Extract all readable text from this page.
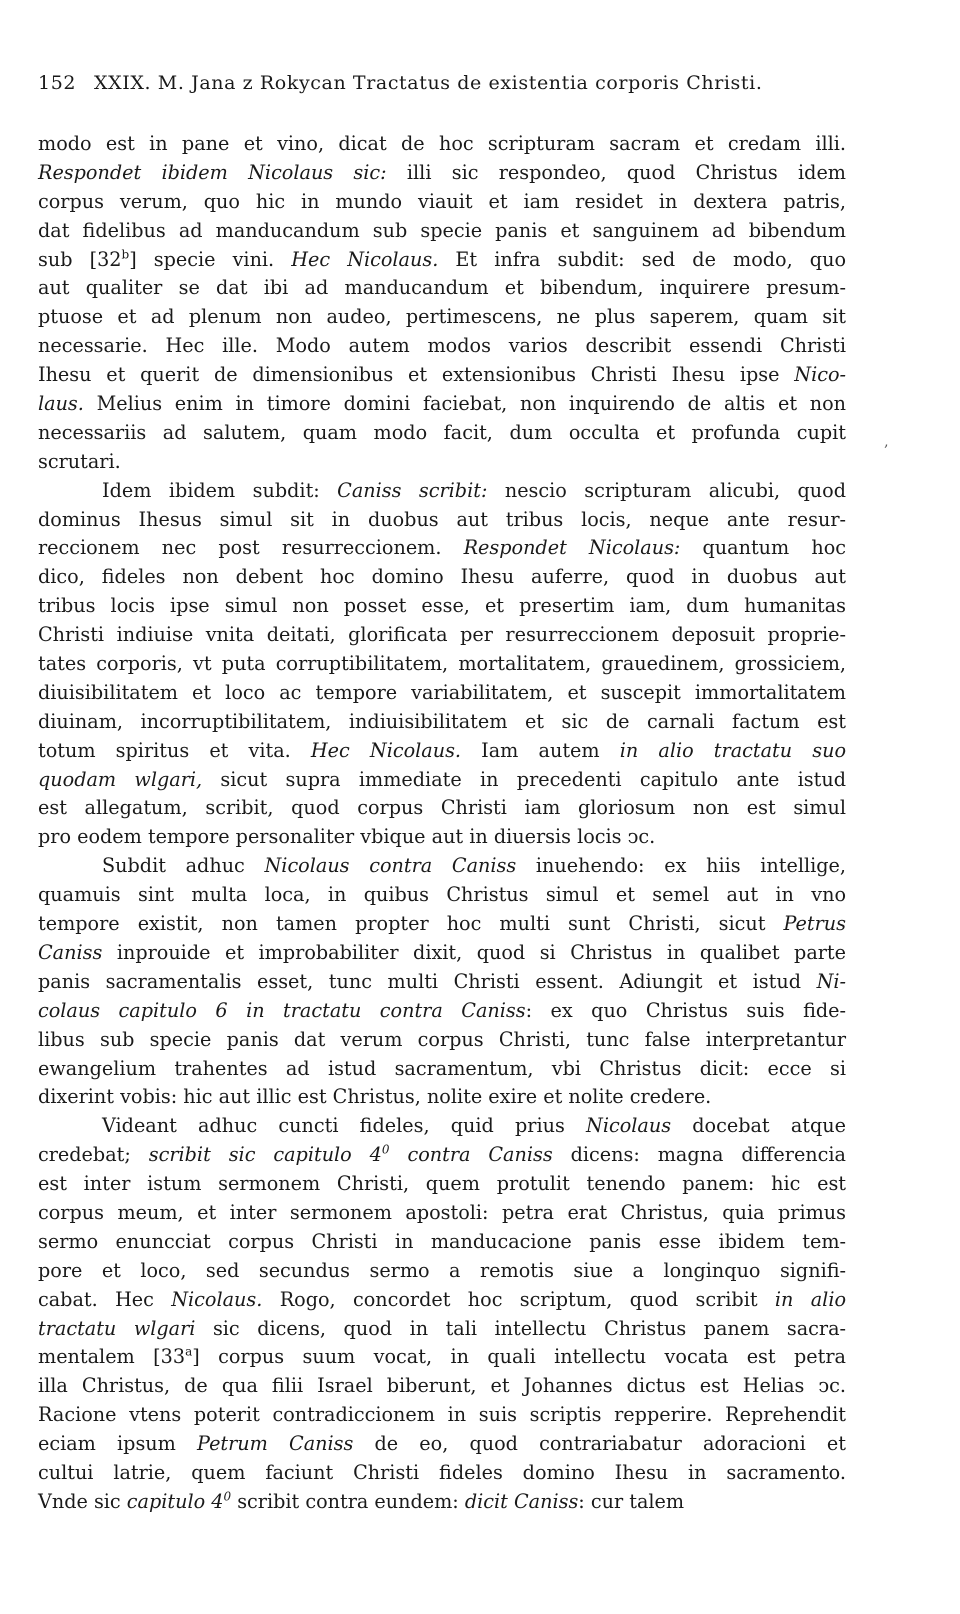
152 XXIX. M. Jana z Rokycan Tractatus de existentia corporis Christi.
modo est in pane et vino, dicat de hoc scripturam sacram et credam illi.
Respondet ibidem Nicolaus sic: illi sic respondeo, quod Christus idem
corpus verum, quo hic in mundo viauit et iam residet in dextera patris,
dat fidelibus ad manducandum sub specie panis et sanguinem ad bibendum
sub [32$^b$] specie vini. Hec Nicolaus. Et infra subdit: sed de modo, quo
aut qualiter se dat ibi ad manducandum et bibendum, inquirere presum-
ptuose et ad plenum non audeo, pertimescens, ne plus saperem, quam sit
necessarie. Hec ille. Modo autem modos varios describit essendi Christi
Ihesu et querit de dimensionibus et extensionibus Christi Ihesu ipse Nico-
laus. Melius enim in timore domini faciebat, non inquirendo de altis et non
necessariis ad salutem, quam modo facit, dum occulta et profunda cupit
scrutari.
Idem ibidem subdit: Caniss scribit: nescio scripturam alicubi, quod
dominus Ihesus simul sit in duobus aut tribus locis, neque ante resur-
reccionem nec post resurreccionem. Respondet Nicolaus: quantum hoc
dico, fideles non debent hoc domino Ihesu auferre, quod in duobus aut
tribus locis ipse simul non posset esse, et presertim iam, dum humanitas
Christi indiuise vnita deitati, glorificata per resurreccionem deposuit proprie-
tates corporis, vt puta corruptibilitatem, mortalitatem, grauedinem, grossiciem,
diuisibilitatem et loco ac tempore variabilitatem, et suscepit immortalitatem
diuinam, incorruptibilitatem, indiuisibilitatem et sic de carnali factum est
totum spiritus et vita. Hec Nicolaus. Iam autem in alio tractatu suo
quodam wlgari, sicut supra immediate in precedenti capitulo ante istud
est allegatum, scribit, quod corpus Christi iam gloriosum non est simul
pro eodem tempore personaliter vbique aut in diuersis locis ↄc.
Subdit adhuc Nicolaus contra Caniss inuehendo: ex hiis intellige,
quamuis sint multa loca, in quibus Christus simul et semel aut in vno
tempore existit, non tamen propter hoc multi sunt Christi, sicut Petrus
Caniss inprouide et improbabiliter dixit, quod si Christus in qualibet parte
panis sacramentalis esset, tunc multi Christi essent. Adiungit et istud Ni-
colaus capitulo 6 in tractatu contra Caniss: ex quo Christus suis fide-
libus sub specie panis dat verum corpus Christi, tunc false interpretantur
ewangelium trahentes ad istud sacramentum, vbi Christus dicit: ecce si
dixerint vobis: hic aut illic est Christus, nolite exire et nolite credere.
Videant adhuc cuncti fideles, quid prius Nicolaus docebat atque
credebat; scribit sic capitulo $4^0$ contra Caniss dicens: magna differencia
est inter istum sermonem Christi, quem protulit tenendo panem: hic est
corpus meum, et inter sermonem apostoli: petra erat Christus, quia primus
sermo enuncciat corpus Christi in manducacione panis esse ibidem tem-
pore et loco, sed secundus sermo a remotis siue a longinquo signifi-
cabat. Hec Nicolaus. Rogo, concordet hoc scriptum, quod scribit in alio
tractatu wlgari sic dicens, quod in tali intellectu Christus panem sacra-
mentalem [33$^a$] corpus suum vocat, in quali intellectu vocata est petra
illa Christus, de qua filii Israel biberunt, et Johannes dictus est Helias ↄc.
Racione vtens poterit contradiccionem in suis scriptis repperire. Reprehendit
eciam ipsum Petrum Caniss de eo, quod contrariabatur adoracioni et
cultui latrie, quem faciunt Christi fideles domino Ihesu in sacramento.
Vnde sic capitulo $4^0$ scribit contra eundem: dicit Caniss: cur talem
‚
